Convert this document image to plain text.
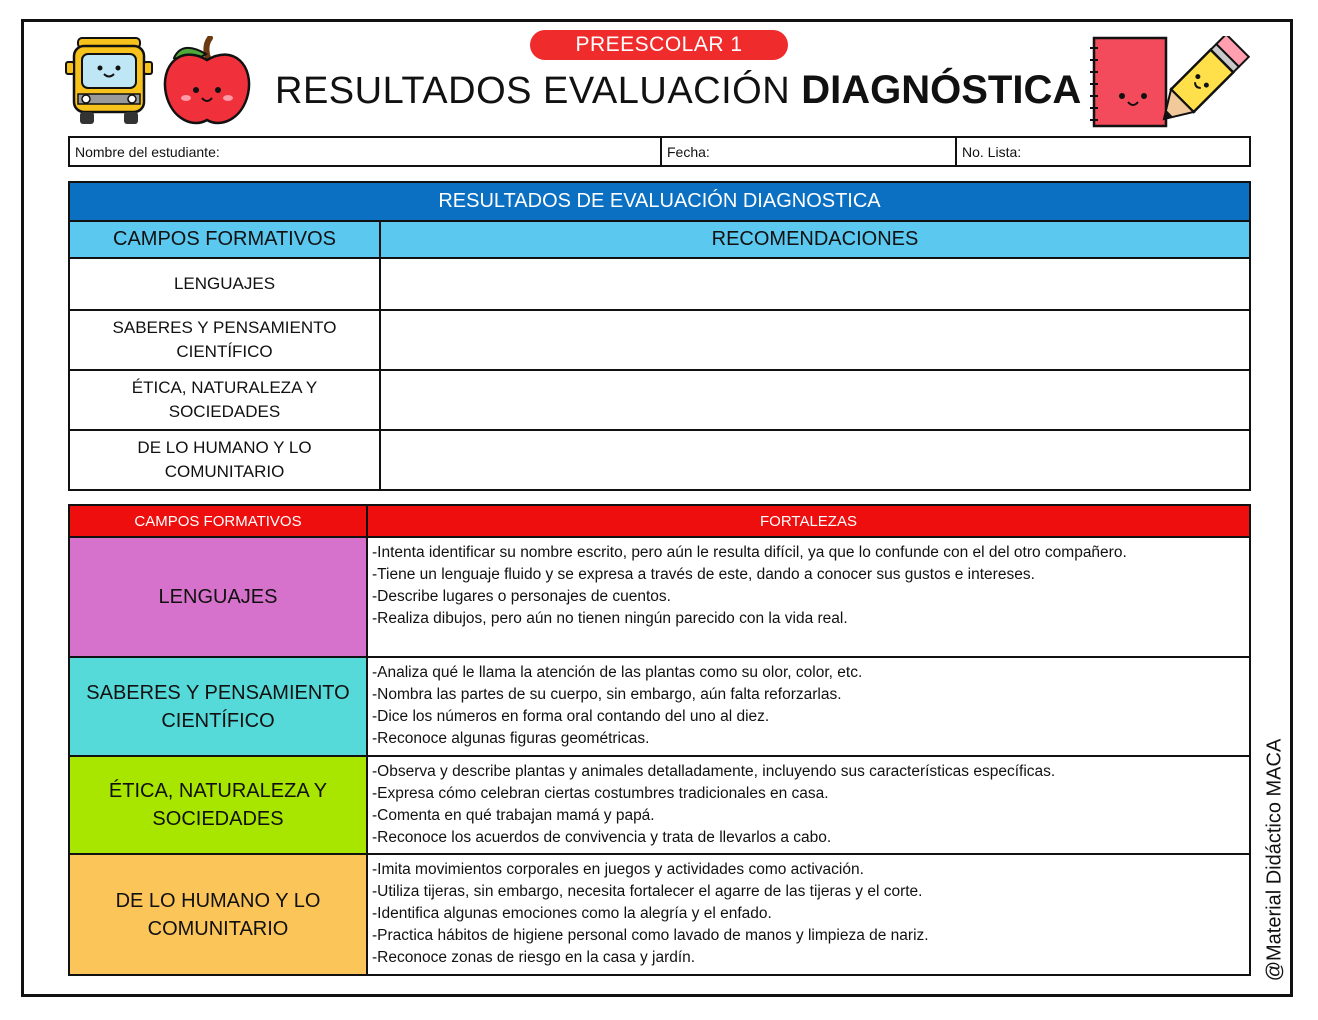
PREESCOLAR 1
RESULTADOS EVALUACIÓN DIAGNÓSTICA
Nombre del estudiante:	Fecha:	No. Lista:
RESULTADOS DE EVALUACIÓN DIAGNOSTICA	
CAMPOS FORMATIVOS	RECOMENDACIONES
LENGUAJES	
SABERES Y PENSAMIENTO CIENTÍFICO	
ÉTICA, NATURALEZA Y SOCIEDADES	
DE LO HUMANO Y LO COMUNITARIO	
CAMPOS FORMATIVOS	FORTALEZAS
LENGUAJES	-Intenta identificar su nombre escrito, pero aún le resulta difícil, ya que lo confunde con el del otro compañero.
-Tiene un lenguaje fluido y se expresa a través de este, dando a conocer sus gustos e intereses.
-Describe lugares o personajes de cuentos.
-Realiza dibujos, pero aún no tienen ningún parecido con la vida real.

SABERES Y PENSAMIENTO CIENTÍFICO	-Analiza qué le llama la atención de las plantas como su olor, color, etc.
-Nombra las partes de su cuerpo, sin embargo, aún falta reforzarlas.
-Dice los números en forma oral contando del uno al diez.
-Reconoce algunas figuras geométricas.

ÉTICA, NATURALEZA Y SOCIEDADES	-Observa y describe plantas y animales detalladamente, incluyendo sus características específicas.
-Expresa cómo celebran ciertas costumbres tradicionales en casa.
-Comenta en qué trabajan mamá y papá.
-Reconoce los acuerdos de convivencia y trata de llevarlos a cabo.

DE LO HUMANO Y LO COMUNITARIO	-Imita movimientos corporales en juegos y actividades como activación.
-Utiliza tijeras, sin embargo, necesita fortalecer el agarre de las tijeras y el corte.
-Identifica algunas emociones como la alegría y el enfado.
-Practica hábitos de higiene personal como lavado de manos y limpieza de nariz.
-Reconoce zonas de riesgo en la casa y jardín.	@Material Didáctico MACA
